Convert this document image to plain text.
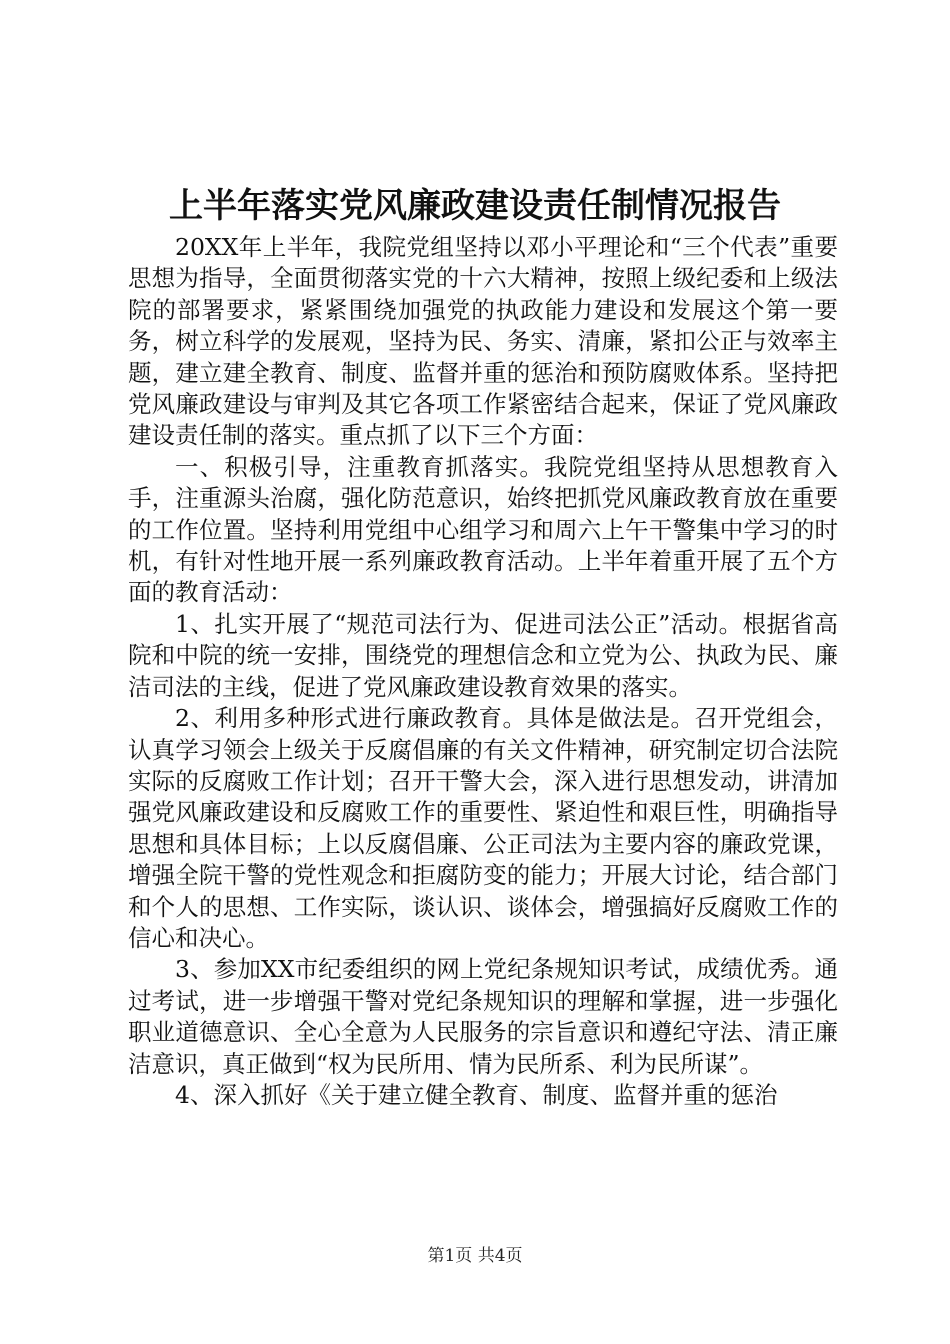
上半年落实党风廉政建设责任制情况报告

20XX年上半年，我院党组坚持以邓小平理论和“三个代表”重要思想为指导，全面贯彻落实党的十六大精神，按照上级纪委和上级法院的部署要求，紧紧围绕加强党的执政能力建设和发展这个第一要务，树立科学的发展观，坚持为民、务实、清廉，紧扣公正与效率主题，建立建全教育、制度、监督并重的惩治和预防腐败体系。坚持把党风廉政建设与审判及其它各项工作紧密结合起来，保证了党风廉政建设责任制的落实。重点抓了以下三个方面：

一、积极引导，注重教育抓落实。我院党组坚持从思想教育入手，注重源头治腐，强化防范意识，始终把抓党风廉政教育放在重要的工作位置。坚持利用党组中心组学习和周六上午干警集中学习的时机，有针对性地开展一系列廉政教育活动。上半年着重开展了五个方面的教育活动：

1、扎实开展了“规范司法行为、促进司法公正”活动。根据省高院和中院的统一安排，围绕党的理想信念和立党为公、执政为民、廉洁司法的主线，促进了党风廉政建设教育效果的落实。

2、利用多种形式进行廉政教育。具体是做法是。召开党组会，认真学习领会上级关于反腐倡廉的有关文件精神，研究制定切合法院实际的反腐败工作计划；召开干警大会，深入进行思想发动，讲清加强党风廉政建设和反腐败工作的重要性、紧迫性和艰巨性，明确指导思想和具体目标；上以反腐倡廉、公正司法为主要内容的廉政党课，增强全院干警的党性观念和拒腐防变的能力；开展大讨论，结合部门和个人的思想、工作实际，谈认识、谈体会，增强搞好反腐败工作的信心和决心。

3、参加XX市纪委组织的网上党纪条规知识考试，成绩优秀。通过考试，进一步增强干警对党纪条规知识的理解和掌握，进一步强化职业道德意识、全心全意为人民服务的宗旨意识和遵纪守法、清正廉洁意识，真正做到“权为民所用、情为民所系、利为民所谋”。

4、深入抓好《关于建立健全教育、制度、监督并重的惩治

第1页 共4页
